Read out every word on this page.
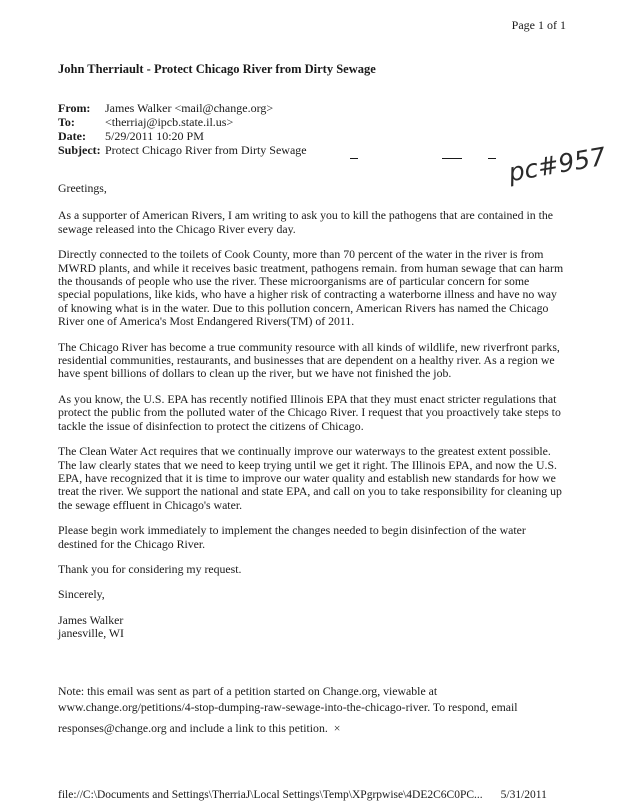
Page 1 of 1
John Therriault - Protect Chicago River from Dirty Sewage
From: James Walker <mail@change.org>
To:	<therriaj@ipcb.state.il.us>
Date: 5/29/2011 10:20 PM
Subject: Protect Chicago River from Dirty Sewage	pc#957

Greetings,

As a supporter of American Rivers, I am writing to ask you to kill the pathogens that are contained in the sewage released into the Chicago River every day.

Directly connected to the toilets of Cook County, more than 70 percent of the water in the river is from MWRD plants, and while it receives basic treatment, pathogens remain. from human sewage that can harm the thousands of people who use the river. These microorganisms are of particular concern for some special populations, like kids, who have a higher risk of contracting a waterborne illness and have no way of knowing what is in the water. Due to this pollution concern, American Rivers has named the Chicago River one of America's Most Endangered Rivers(TM) of 2011.

The Chicago River has become a true community resource with all kinds of wildlife, new riverfront parks, residential communities, restaurants, and businesses that are dependent on a healthy river. As a region we have spent billions of dollars to clean up the river, but we have not finished the job.

As you know, the U.S. EPA has recently notified Illinois EPA that they must enact stricter regulations that protect the public from the polluted water of the Chicago River. I request that you proactively take steps to tackle the issue of disinfection to protect the citizens of Chicago.

The Clean Water Act requires that we continually improve our waterways to the greatest extent possible. The law clearly states that we need to keep trying until we get it right. The Illinois EPA, and now the U.S. EPA, have recognized that it is time to improve our water quality and establish new standards for how we treat the river. We support the national and state EPA, and call on you to take responsibility for cleaning up the sewage effluent in Chicago's water.

Please begin work immediately to implement the changes needed to begin disinfection of the water destined for the Chicago River.

Thank you for considering my request.

Sincerely,

James Walker

janesville, WI

Note: this email was sent as part of a petition started on Change.org, viewable at
www.change.org/petitions/4-stop-dumping-raw-sewage-into-the-chicago-river. To respond, email
responses@change.org and include a link to this petition. ×
file://C:\Documents and Settings\TherriaJ\Local Settings\Temp\XPgrpwise\4DE2C6C0PC... 5/31/2011
